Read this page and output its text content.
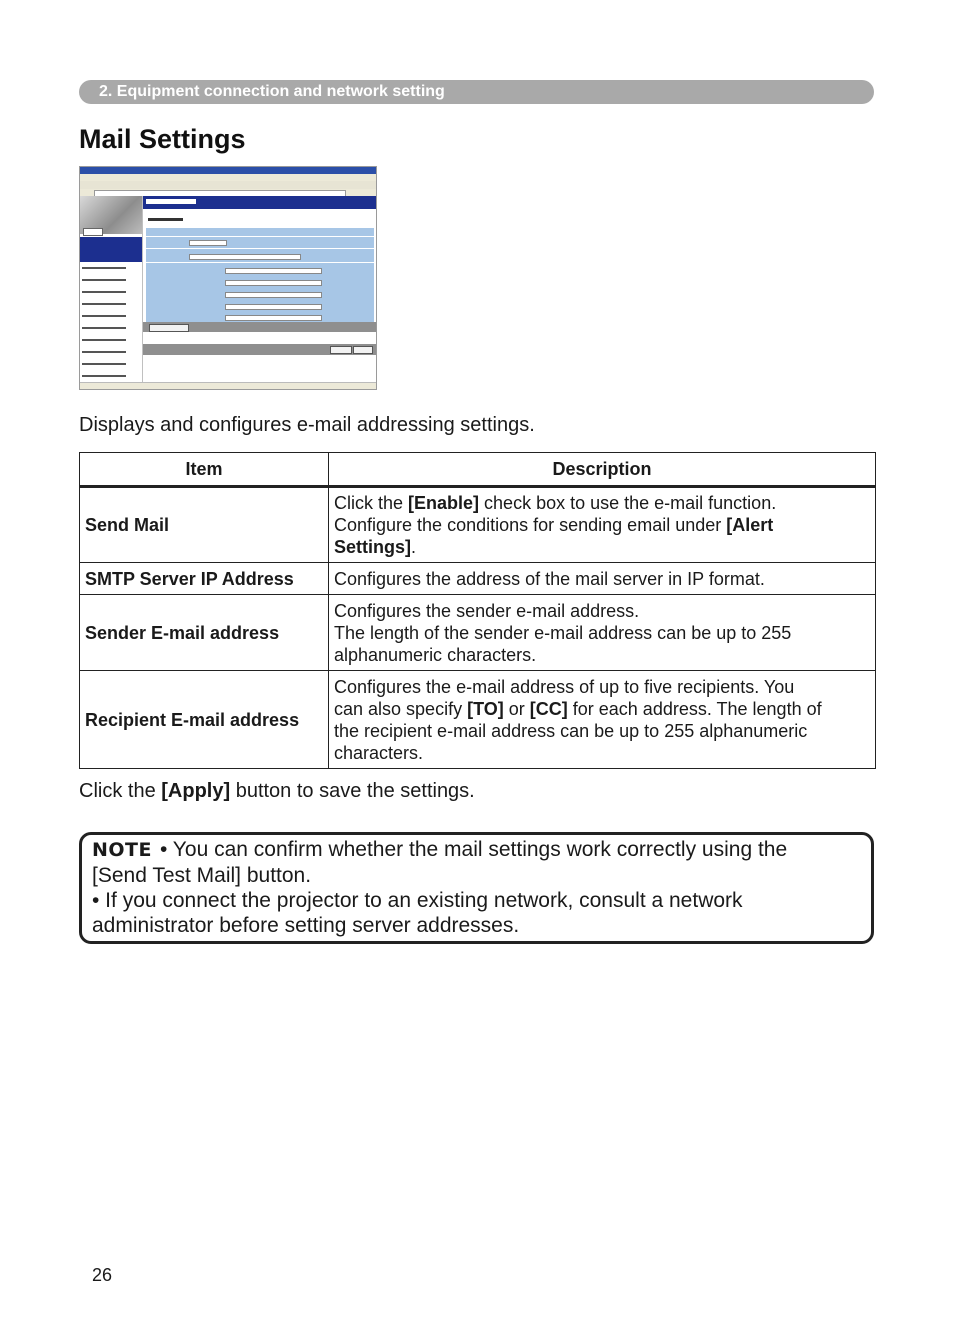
2. Equipment connection and network setting
Mail Settings

Displays and configures e-mail addressing settings.

Item	Description
Send Mail	Click the [Enable] check box to use the e-mail function.
Configure the conditions for sending email under [Alert
Settings].

SMTP Server IP Address	Configures the address of the mail server in IP format.

Sender E-mail address	Configures the sender e-mail address.
The length of the sender e-mail address can be up to 255
alphanumeric characters.

Recipient E-mail address	Configures the e-mail address of up to five recipients. You
can also specify [TO] or [CC] for each address. The length of
the recipient e-mail address can be up to 255 alphanumeric
characters.

Click the [Apply] button to save the settings.

NOTE • You can confirm whether the mail settings work correctly using the
[Send Test Mail] button.
• If you connect the projector to an existing network, consult a network
administrator before setting server addresses.
26
